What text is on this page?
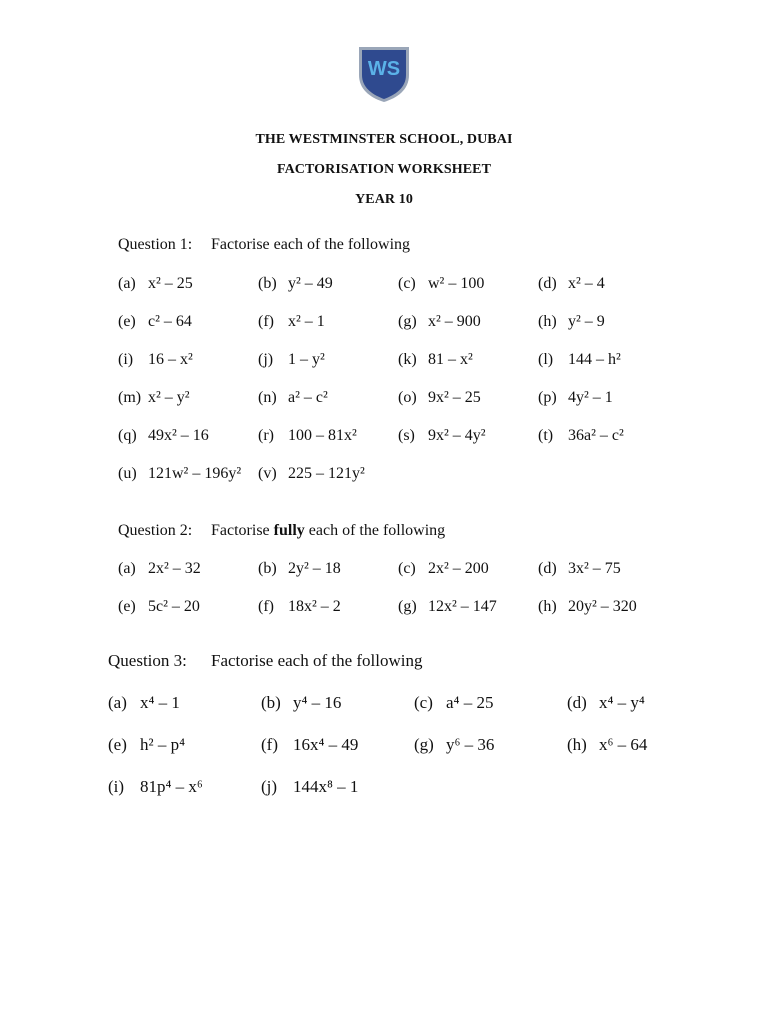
WS
THE WESTMINSTER SCHOOL, DUBAI
FACTORISATION WORKSHEET
YEAR 10
Question 1: Factorise each of the following
(a) x² – 25	(b) y² – 49	(c) w² – 100	(d) x² – 4
(e) c² – 64	(f) x² – 1	(g) x² – 900	(h) y² – 9
(i) 16 – x²	(j) 1 – y²	(k) 81 – x²	(l) 144 – h²
(m) x² – y²	(n) a² – c²	(o) 9x² – 25	(p) 4y² – 1
(q) 49x² – 16	(r) 100 – 81x²	(s) 9x² – 4y²	(t) 36a² – c²
(u) 121w² – 196y² (v) 225 – 121y²
Question 2: Factorise fully each of the following
(a) 2x² – 32	(b) 2y² – 18	(c) 2x² – 200	(d) 3x² – 75
(e) 5c² – 20	(f) 18x² – 2	(g) 12x² – 147	(h) 20y² – 320
Question 3: Factorise each of the following
(a) x⁴ – 1	(b) y⁴ – 16	(c) a⁴ – 25	(d) x⁴ – y⁴
(e) h² – p⁴	(f) 16x⁴ – 49	(g) y⁶ – 36	(h) x⁶ – 64
(i) 81p⁴ – x⁶	(j) 144x⁸ – 1
